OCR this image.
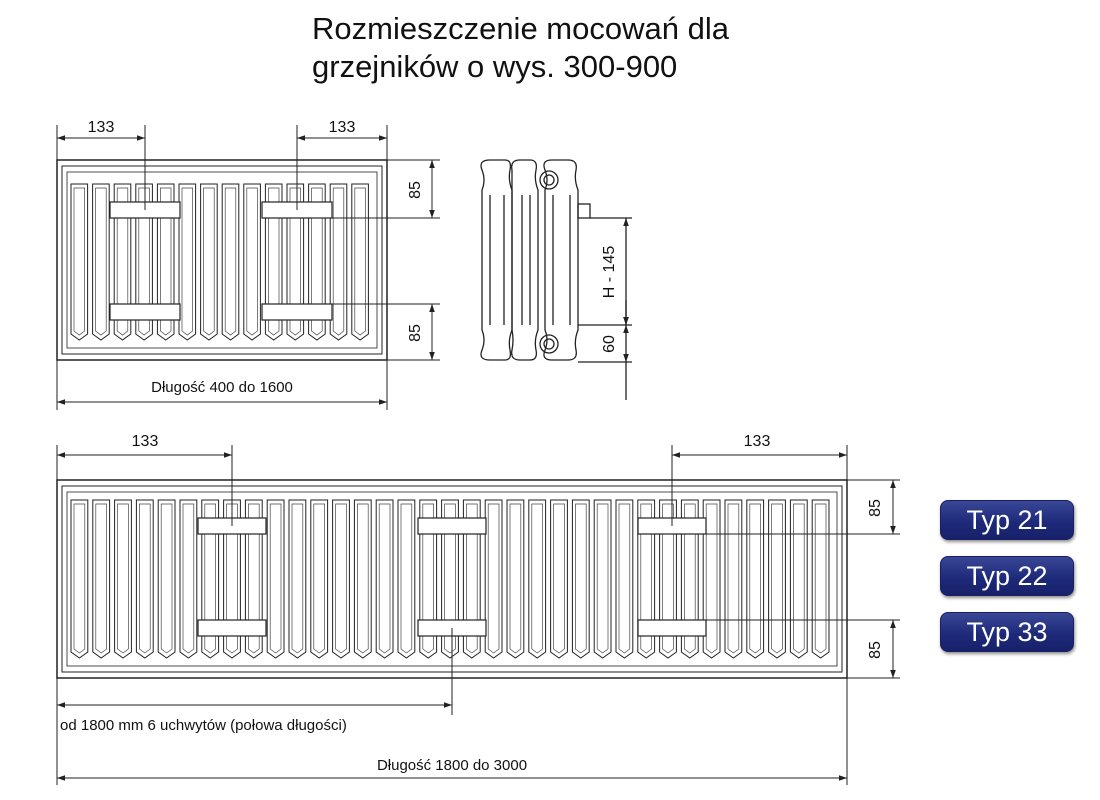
Rozmieszczenie mocowań dla
grzejników o wys. 300-900
133	133
85
85
Długość 400 do 1600
H - 145
60
133	133
85
85
od 1800 mm 6 uchwytów (połowa długości)
Długość 1800 do 3000
Typ 21
Typ 22
Typ 33
